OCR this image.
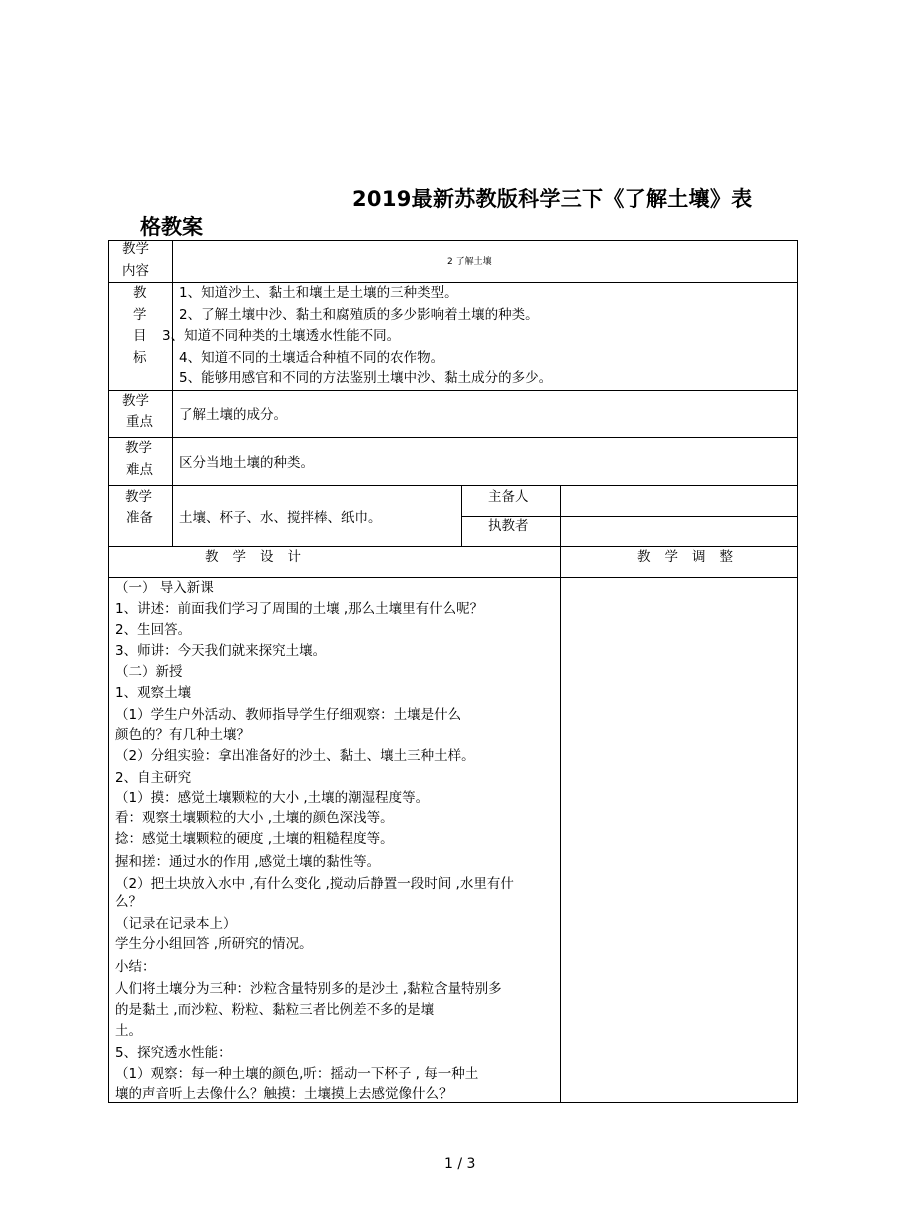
2019最新苏教版科学三下《了解土壤》表
格教案
教学
内容
2 了解土壤
教
学
目
标
1、知道沙土、黏土和壤土是土壤的三种类型。
2、了解土壤中沙、黏土和腐殖质的多少影响着土壤的种类。
3、知道不同种类的土壤透水性能不同。
4、知道不同的土壤适合种植不同的农作物。
5、能够用感官和不同的方法鉴别土壤中沙、黏土成分的多少。
教学
重点 了解土壤的成分。
教学
难点 区分当地土壤的种类。
教学
准备 土壤、杯子、水、搅拌棒、纸巾。
主备人
执教者
教学设计	教学调整
（一） 导入新课
1、讲述：前面我们学习了周围的土壤 ,那么土壤里有什么呢？
2、生回答。
3、师讲：今天我们就来探究土壤。
（二）新授
1、观察土壤
（1）学生户外活动、教师指导学生仔细观察：土壤是什么
颜色的？有几种土壤？
（2）分组实验：拿出准备好的沙土、黏土、壤土三种土样。
2、自主研究
（1）摸：感觉土壤颗粒的大小 ,土壤的潮湿程度等。
看：观察土壤颗粒的大小 ,土壤的颜色深浅等。
捻：感觉土壤颗粒的硬度 ,土壤的粗糙程度等。
握和搓：通过水的作用 ,感觉土壤的黏性等。
（2）把土块放入水中 ,有什么变化 ,搅动后静置一段时间 ,水里有什
么？
（记录在记录本上）
学生分小组回答 ,所研究的情况。
小结：
人们将土壤分为三种：沙粒含量特别多的是沙土 ,黏粒含量特别多
的是黏土 ,而沙粒、粉粒、黏粒三者比例差不多的是壤
土。
5、探究透水性能：
（1）观察：每一种土壤的颜色,听：摇动一下杯子 , 每一种土
壤的声音听上去像什么？触摸：土壤摸上去感觉像什么？
1 / 3
